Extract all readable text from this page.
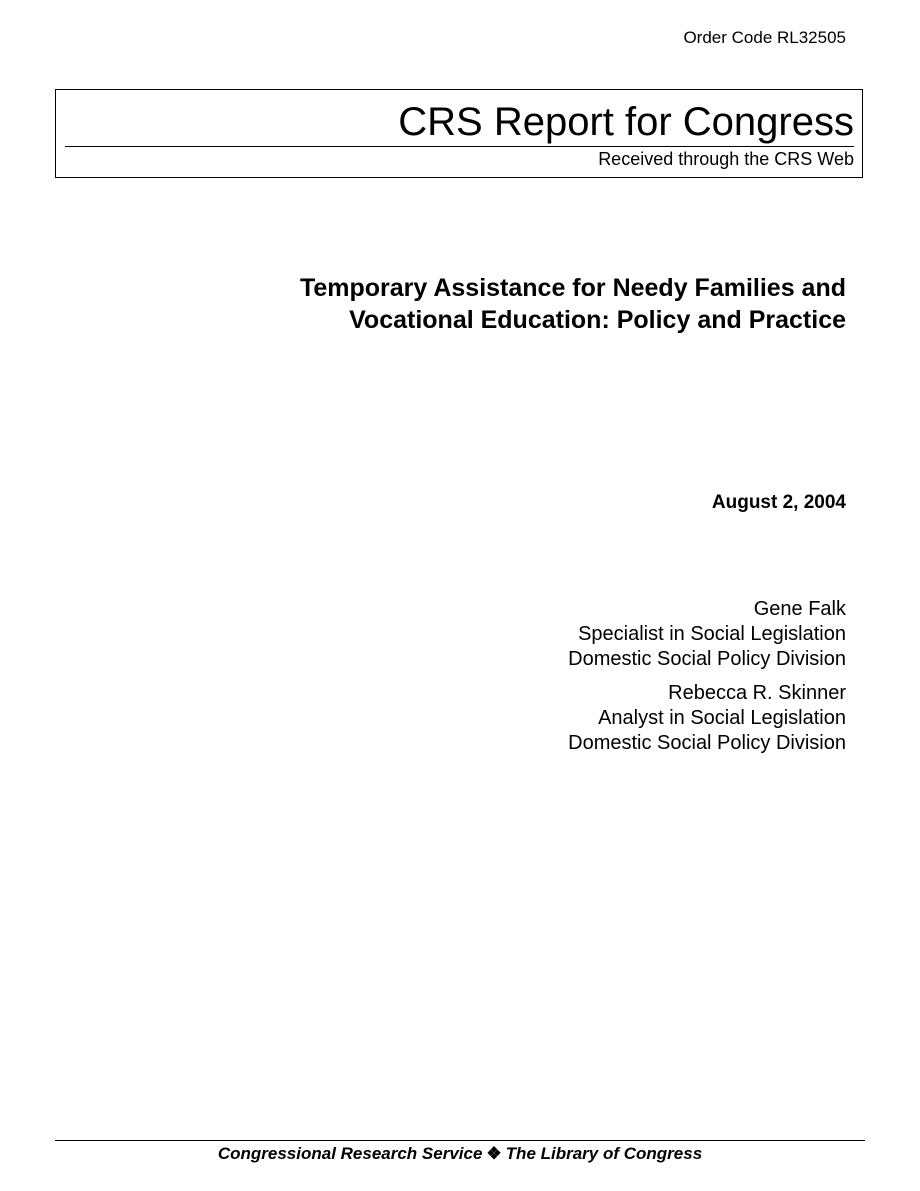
Order Code RL32505
CRS Report for Congress
Received through the CRS Web
Temporary Assistance for Needy Families and
Vocational Education: Policy and Practice
August 2, 2004
Gene Falk
Specialist in Social Legislation
Domestic Social Policy Division
Rebecca R. Skinner
Analyst in Social Legislation
Domestic Social Policy Division
Congressional Research Service ❖ The Library of Congress
